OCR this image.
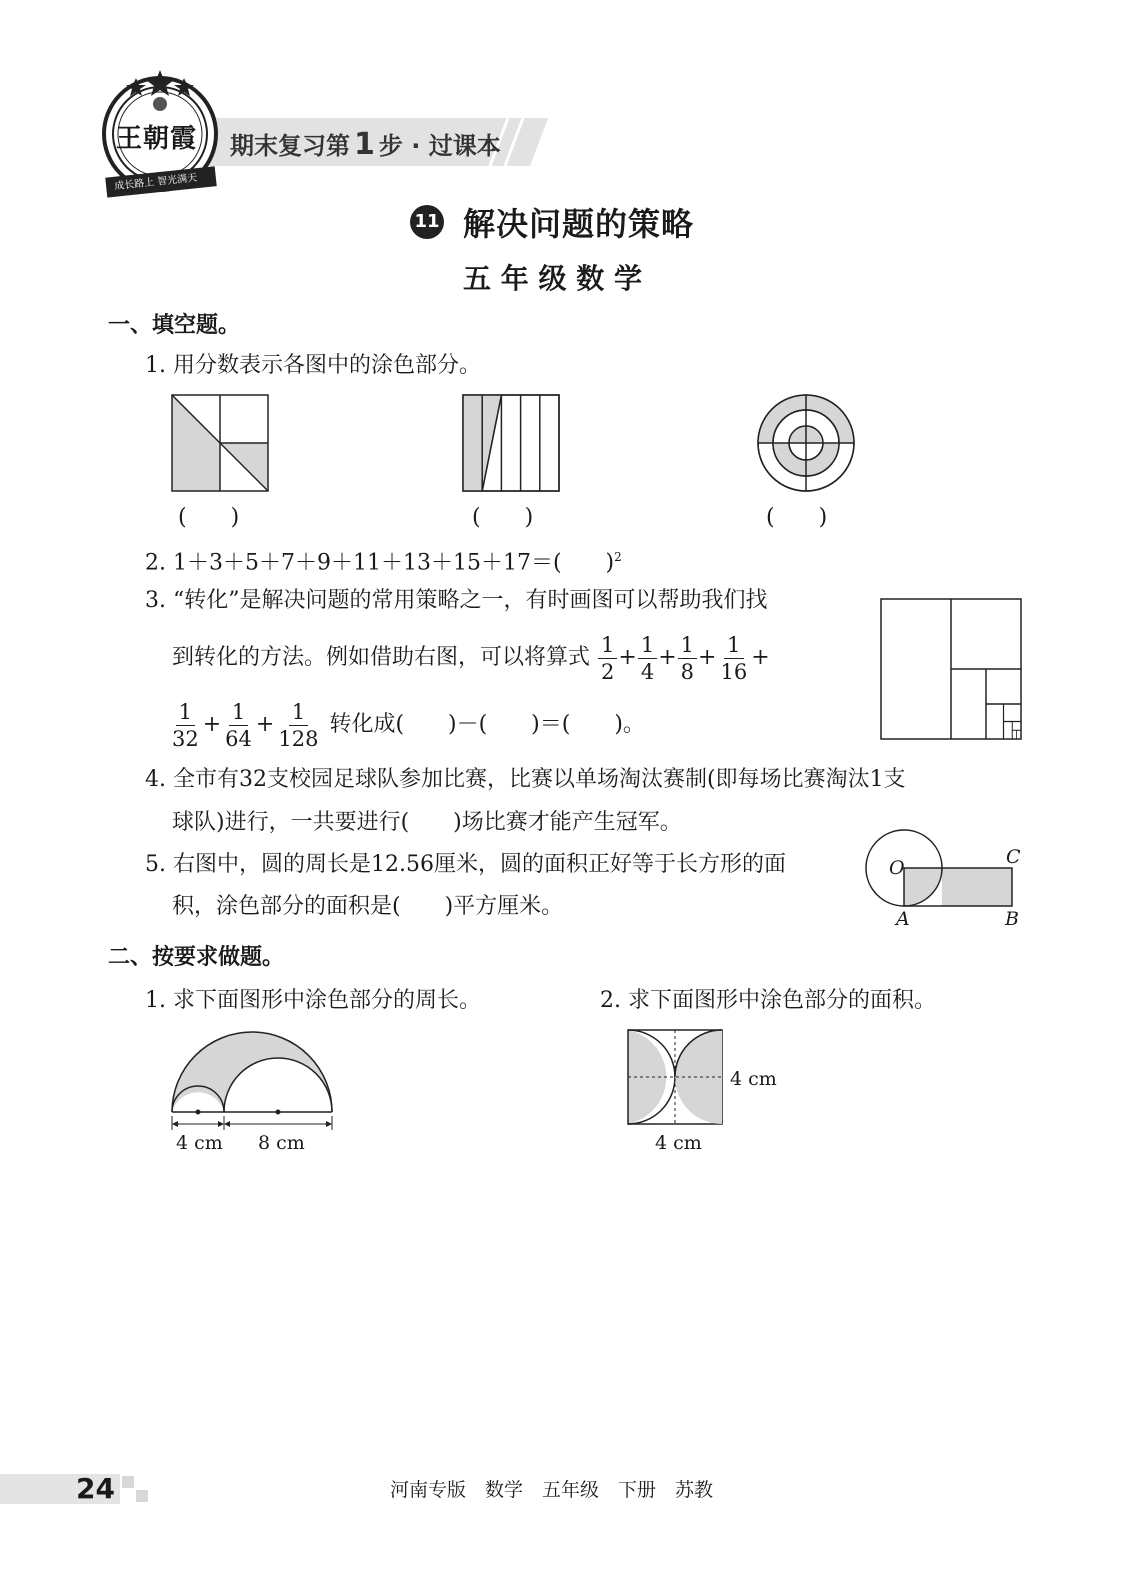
期末复习第 1 步 · 过课本
王朝霞
成长路上 智光满天
11 解决问题的策略
五 年 级 数 学
一、填空题。
1. 用分数表示各图中的涂色部分。
(　　)	(　　)	(　　)
2. 1＋3＋5＋7＋9＋11＋13＋15＋17＝(　　)$^2$
3. “转化”是解决问题的常用策略之一，有时画图可以帮助我们找
到转化的方法。例如借助右图，可以将算式 $\frac{1}{2} + \frac{1}{4} + \frac{1}{8} + \frac{1}{16}$ +
$\frac{1}{32} + \frac{1}{64} + \frac{1}{128}$ 转化成(　　)－(　　)＝(　　)。
4. 全市有32支校园足球队参加比赛，比赛以单场淘汰赛制(即每场比赛淘汰1支
球队)进行，一共要进行(　　)场比赛才能产生冠军。
5. 右图中，圆的周长是12.56厘米，圆的面积正好等于长方形的面
积，涂色部分的面积是(　　)平方厘米。
O
A	B
C
二、按要求做题。
1. 求下面图形中涂色部分的周长。	2. 求下面图形中涂色部分的面积。
4 cm 8 cm
4 cm
4 cm
24	河南专版　数学　五年级　下册　苏教
